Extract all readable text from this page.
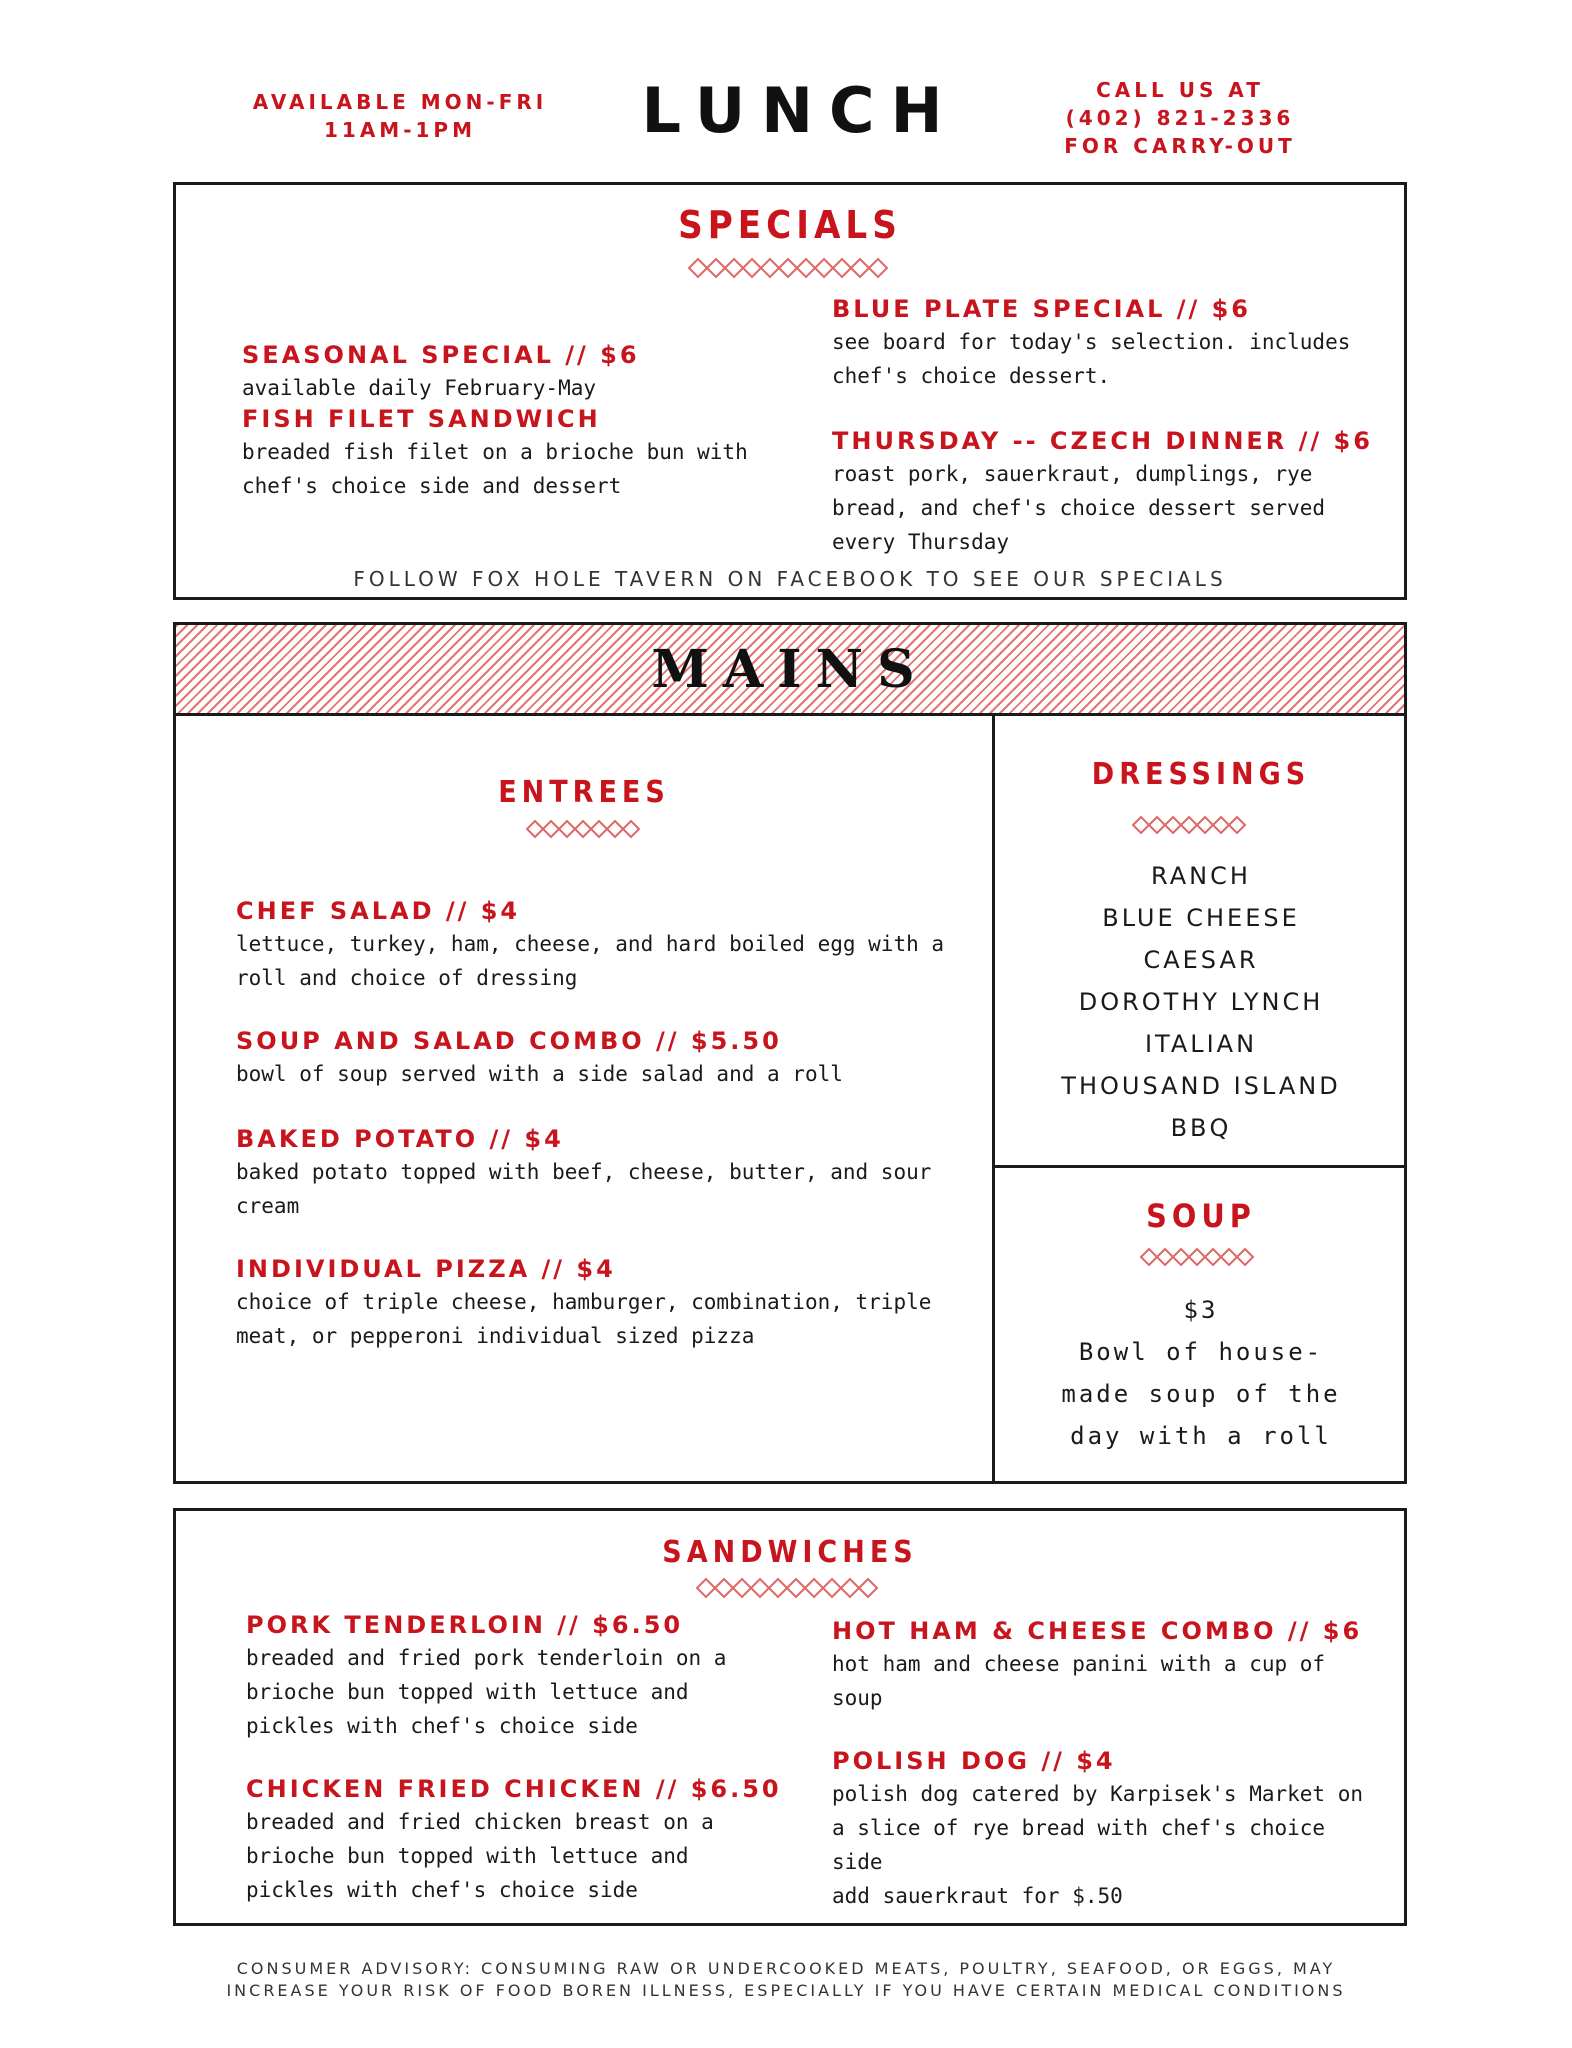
AVAILABLE MON-FRI
11AM-1PM	LUNCH	CALL US AT
(402) 821-2336
FOR CARRY-OUT
SPECIALS
SEASONAL SPECIAL // $6
available daily February-May
FISH FILET SANDWICH
breaded fish filet on a brioche bun with chef's choice side and dessert
BLUE PLATE SPECIAL // $6
see board for today's selection. includes chef's choice dessert.
THURSDAY -- CZECH DINNER // $6
roast pork, sauerkraut, dumplings, rye bread, and chef's choice dessert served every Thursday
FOLLOW FOX HOLE TAVERN ON FACEBOOK TO SEE OUR SPECIALS
MAINS
ENTREES
CHEF SALAD // $4
lettuce, turkey, ham, cheese, and hard boiled egg with a roll and choice of dressing
SOUP AND SALAD COMBO // $5.50
bowl of soup served with a side salad and a roll
BAKED POTATO // $4
baked potato topped with beef, cheese, butter, and sour cream
INDIVIDUAL PIZZA // $4
choice of triple cheese, hamburger, combination, triple meat, or pepperoni individual sized pizza
DRESSINGS
RANCH
BLUE CHEESE
CAESAR
DOROTHY LYNCH
ITALIAN
THOUSAND ISLAND
BBQ
SOUP
$3
Bowl of house-
made soup of the
day with a roll
SANDWICHES
PORK TENDERLOIN // $6.50
breaded and fried pork tenderloin on a brioche bun topped with lettuce and pickles with chef's choice side
CHICKEN FRIED CHICKEN // $6.50
breaded and fried chicken breast on a brioche bun topped with lettuce and pickles with chef's choice side
HOT HAM & CHEESE COMBO // $6
hot ham and cheese panini with a cup of soup
POLISH DOG // $4
polish dog catered by Karpisek's Market on a slice of rye bread with chef's choice side
add sauerkraut for $.50
CONSUMER ADVISORY: CONSUMING RAW OR UNDERCOOKED MEATS, POULTRY, SEAFOOD, OR EGGS, MAY
INCREASE YOUR RISK OF FOOD BOREN ILLNESS, ESPECIALLY IF YOU HAVE CERTAIN MEDICAL CONDITIONS
